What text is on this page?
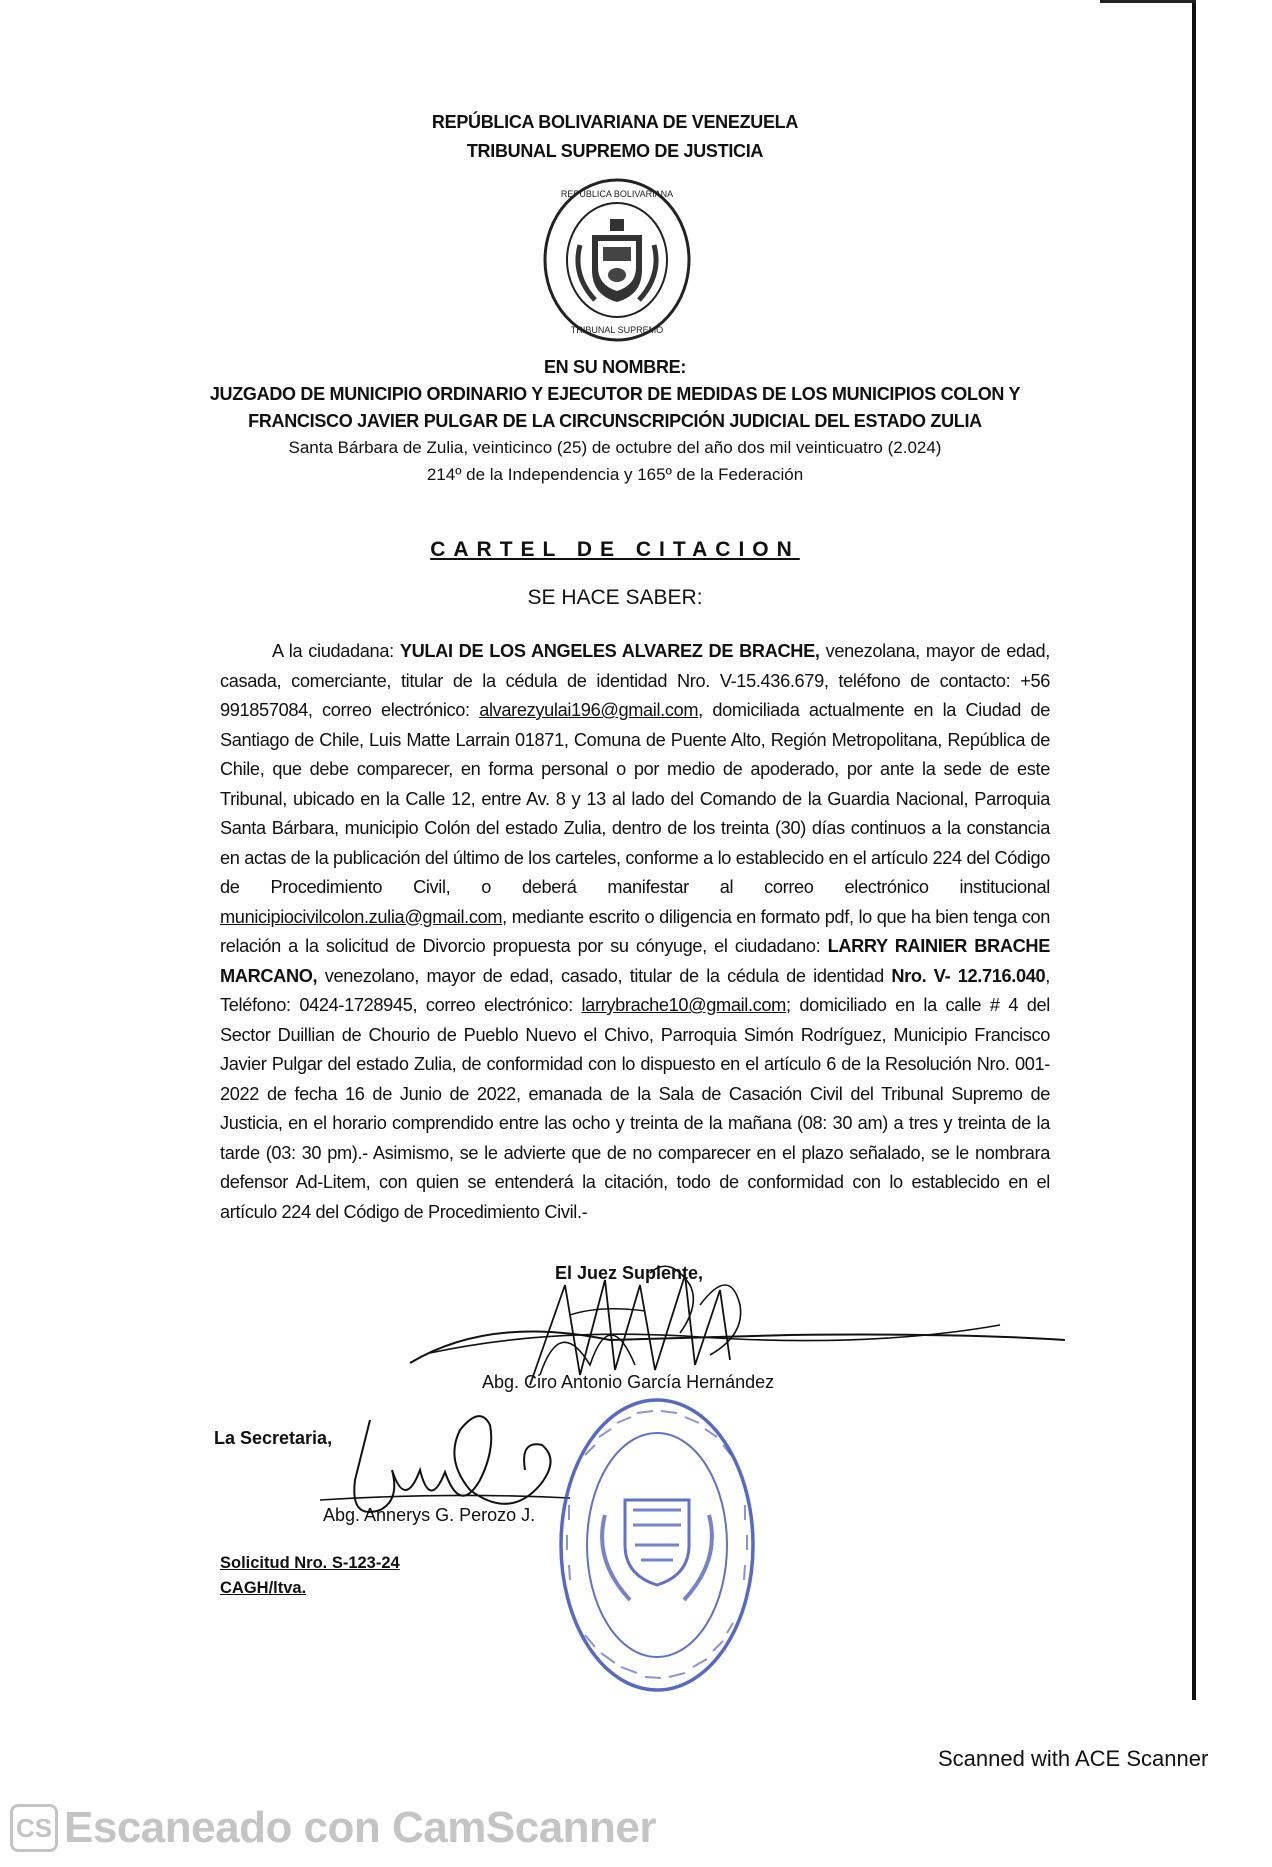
REPÚBLICA BOLIVARIANA DE VENEZUELA
TRIBUNAL SUPREMO DE JUSTICIA
REPUBLICA BOLIVARIANA
TRIBUNAL SUPREMO
EN SU NOMBRE:
JUZGADO DE MUNICIPIO ORDINARIO Y EJECUTOR DE MEDIDAS DE LOS MUNICIPIOS COLON Y
FRANCISCO JAVIER PULGAR DE LA CIRCUNSCRIPCIÓN JUDICIAL DEL ESTADO ZULIA
Santa Bárbara de Zulia, veinticinco (25) de octubre del año dos mil veinticuatro (2.024)
214º de la Independencia y 165º de la Federación
CARTEL DE CITACION
SE HACE SABER:

A la ciudadana: YULAI DE LOS ANGELES ALVAREZ DE BRACHE, venezolana, mayor de edad, casada, comerciante, titular de la cédula de identidad Nro. V-15.436.679, teléfono de contacto: +56 991857084, correo electrónico: alvarezyulai196@gmail.com, domiciliada actualmente en la Ciudad de Santiago de Chile, Luis Matte Larrain 01871, Comuna de Puente Alto, Región Metropolitana, República de Chile, que debe comparecer, en forma personal o por medio de apoderado, por ante la sede de este Tribunal, ubicado en la Calle 12, entre Av. 8 y 13 al lado del Comando de la Guardia Nacional, Parroquia Santa Bárbara, municipio Colón del estado Zulia, dentro de los treinta (30) días continuos a la constancia en actas de la publicación del último de los carteles, conforme a lo establecido en el artículo 224 del Código de Procedimiento Civil, o deberá manifestar al correo electrónico institucional municipiocivilcolon.zulia@gmail.com, mediante escrito o diligencia en formato pdf, lo que ha bien tenga con relación a la solicitud de Divorcio propuesta por su cónyuge, el ciudadano: LARRY RAINIER BRACHE MARCANO, venezolano, mayor de edad, casado, titular de la cédula de identidad Nro. V- 12.716.040, Teléfono: 0424-1728945, correo electrónico: larrybrache10@gmail.com; domiciliado en la calle # 4 del Sector Duillian de Chourio de Pueblo Nuevo el Chivo, Parroquia Simón Rodríguez, Municipio Francisco Javier Pulgar del estado Zulia, de conformidad con lo dispuesto en el artículo 6 de la Resolución Nro. 001-2022 de fecha 16 de Junio de 2022, emanada de la Sala de Casación Civil del Tribunal Supremo de Justicia, en el horario comprendido entre las ocho y treinta de la mañana (08: 30 am) a tres y treinta de la tarde (03: 30 pm).- Asimismo, se le advierte que de no comparecer en el plazo señalado, se le nombrara defensor Ad-Litem, con quien se entenderá la citación, todo de conformidad con lo establecido en el artículo 224 del Código de Procedimiento Civil.-

El Juez Suplente,
Abg. Ciro Antonio García Hernández
La Secretaria,
Abg. Annerys G. Perozo J.
Solicitud Nro. S-123-24
CAGH/ltva.
Scanned with ACE Scanner
CS Escaneado con CamScanner
